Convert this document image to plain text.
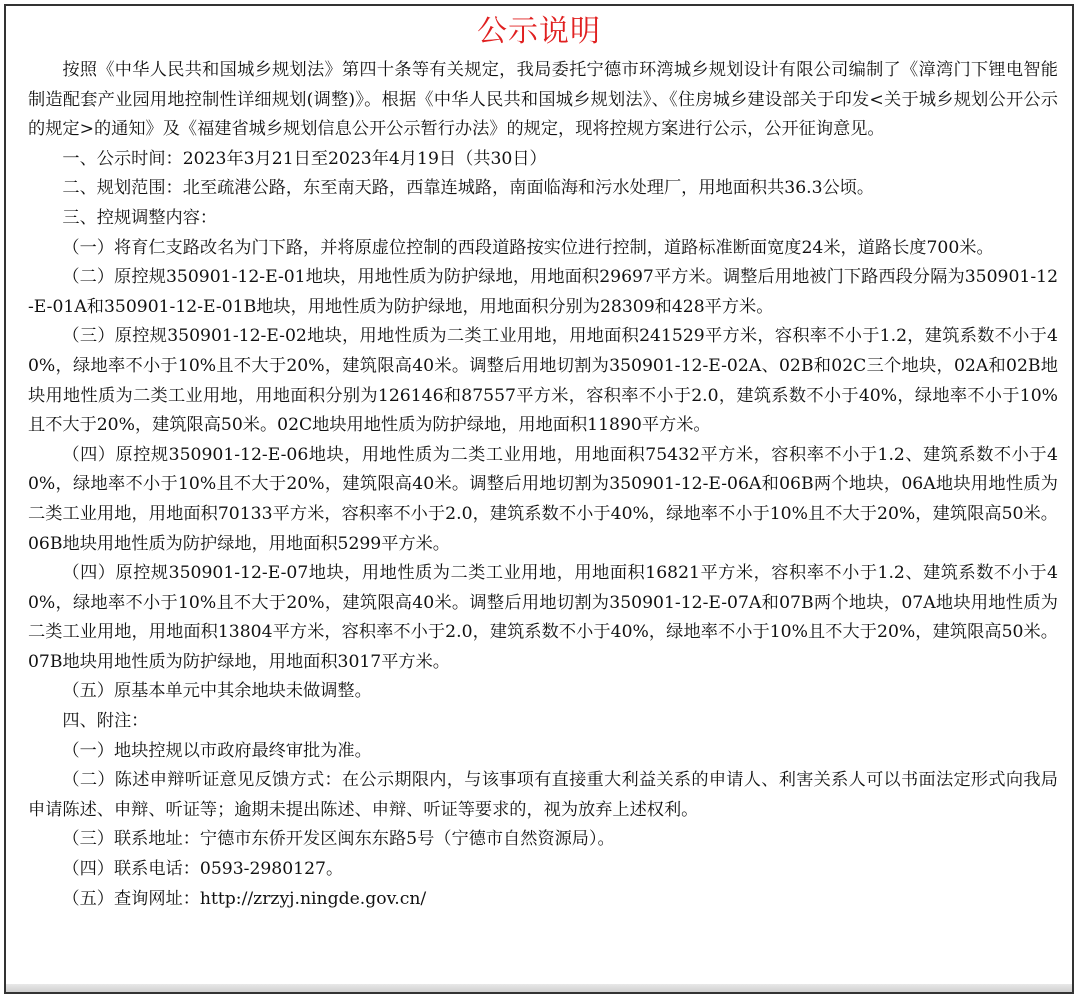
公示说明

按照《中华人民共和国城乡规划法》第四十条等有关规定，我局委托宁德市环湾城乡规划设计有限公司编制了《漳湾门下锂电智能制造配套产业园用地控制性详细规划(调整)》。根据《中华人民共和国城乡规划法》、《住房城乡建设部关于印发<关于城乡规划公开公示的规定>的通知》及《福建省城乡规划信息公开公示暂行办法》的规定，现将控规方案进行公示，公开征询意见。

一、公示时间：2023年3月21日至2023年4月19日（共30日）

二、规划范围：北至疏港公路，东至南天路，西靠连城路，南面临海和污水处理厂，用地面积共36.3公顷。

三、控规调整内容：

（一）将育仁支路改名为门下路，并将原虚位控制的西段道路按实位进行控制，道路标准断面宽度24米，道路长度700米。

（二）原控规350901-12-E-01地块，用地性质为防护绿地，用地面积29697平方米。调整后用地被门下路西段分隔为350901-12-E-01A和350901-12-E-01B地块，用地性质为防护绿地，用地面积分别为28309和428平方米。

（三）原控规350901-12-E-02地块，用地性质为二类工业用地，用地面积241529平方米，容积率不小于1.2，建筑系数不小于40%，绿地率不小于10%且不大于20%，建筑限高40米。调整后用地切割为350901-12-E-02A、02B和02C三个地块，02A和02B地块用地性质为二类工业用地，用地面积分别为126146和87557平方米，容积率不小于2.0，建筑系数不小于40%，绿地率不小于10%且不大于20%，建筑限高50米。02C地块用地性质为防护绿地，用地面积11890平方米。

（四）原控规350901-12-E-06地块，用地性质为二类工业用地，用地面积75432平方米，容积率不小于1.2、建筑系数不小于40%，绿地率不小于10%且不大于20%，建筑限高40米。调整后用地切割为350901-12-E-06A和06B两个地块，06A地块用地性质为二类工业用地，用地面积70133平方米，容积率不小于2.0，建筑系数不小于40%，绿地率不小于10%且不大于20%，建筑限高50米。06B地块用地性质为防护绿地，用地面积5299平方米。

（四）原控规350901-12-E-07地块，用地性质为二类工业用地，用地面积16821平方米，容积率不小于1.2、建筑系数不小于40%，绿地率不小于10%且不大于20%，建筑限高40米。调整后用地切割为350901-12-E-07A和07B两个地块，07A地块用地性质为二类工业用地，用地面积13804平方米，容积率不小于2.0，建筑系数不小于40%，绿地率不小于10%且不大于20%，建筑限高50米。07B地块用地性质为防护绿地，用地面积3017平方米。

（五）原基本单元中其余地块未做调整。

四、附注：

（一）地块控规以市政府最终审批为准。

（二）陈述申辩听证意见反馈方式：在公示期限内，与该事项有直接重大利益关系的申请人、利害关系人可以书面法定形式向我局申请陈述、申辩、听证等；逾期未提出陈述、申辩、听证等要求的，视为放弃上述权利。

（三）联系地址：宁德市东侨开发区闽东东路5号（宁德市自然资源局）。

（四）联系电话：0593-2980127。

（五）查询网址：http://zrzyj.ningde.gov.cn/
